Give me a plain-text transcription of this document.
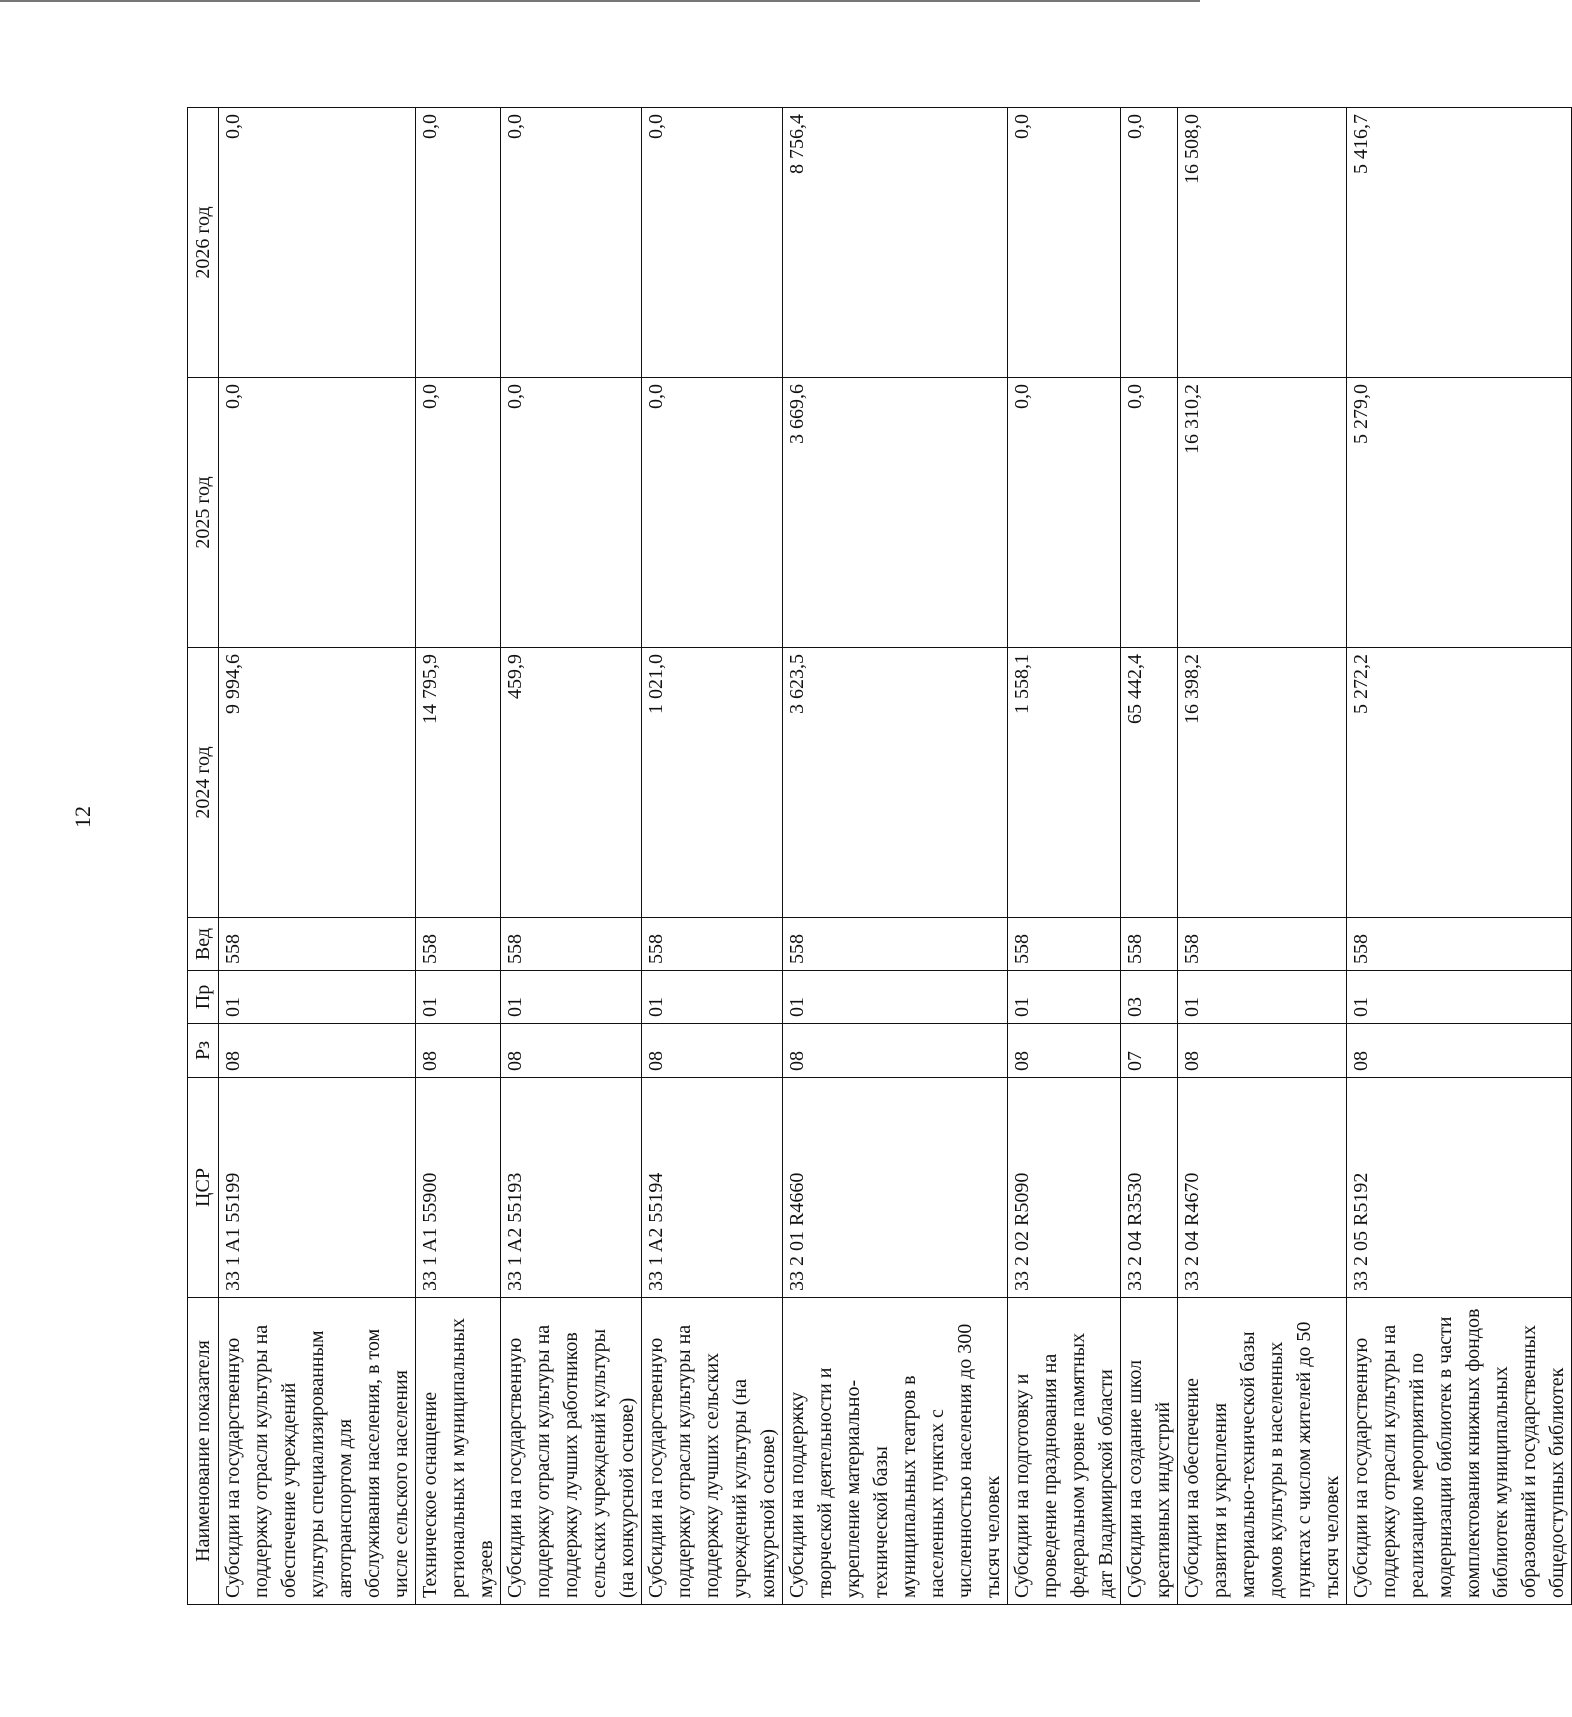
12
Наименование показателя	ЦСР	Рз	Пр	Вед	2024 год	2025 год	2026 год
Субсидии на государственную поддержку отрасли культуры на обеспечение учреждений культуры специализированным автотранспортом для обслуживания населения, в том числе сельского населения	33 1 A1 55199	08	01	558	9 994,6	0,0	0,0
Техническое оснащение региональных и муниципальных музеев	33 1 A1 55900	08	01	558	14 795,9	0,0	0,0
Субсидии на государственную поддержку отрасли культуры на поддержку лучших работников сельских учреждений культуры (на конкурсной основе)	33 1 A2 55193	08	01	558	459,9	0,0	0,0
Субсидии на государственную поддержку отрасли культуры на поддержку лучших сельских учреждений культуры (на конкурсной основе)	33 1 A2 55194	08	01	558	1 021,0	0,0	0,0
Субсидии на поддержку творческой деятельности и укрепление материально-технической базы муниципальных театров в населенных пунктах с численностью населения до 300 тысяч человек	33 2 01 R4660	08	01	558	3 623,5	3 669,6	8 756,4
Субсидии на подготовку и проведение празднования на федеральном уровне памятных дат Владимирской области	33 2 02 R5090	08	01	558	1 558,1	0,0	0,0
Субсидии на создание школ креативных индустрий	33 2 04 R3530	07	03	558	65 442,4	0,0	0,0
Субсидии на обеспечение развития и укрепления материально-технической базы домов культуры в населенных пунктах с числом жителей до 50 тысяч человек	33 2 04 R4670	08	01	558	16 398,2	16 310,2	16 508,0
Субсидии на государственную поддержку отрасли культуры на реализацию мероприятий по модернизации библиотек в части комплектования книжных фондов библиотек муниципальных образований и государственных общедоступных библиотек	33 2 05 R5192	08	01	558	5 272,2	5 279,0	5 416,7
